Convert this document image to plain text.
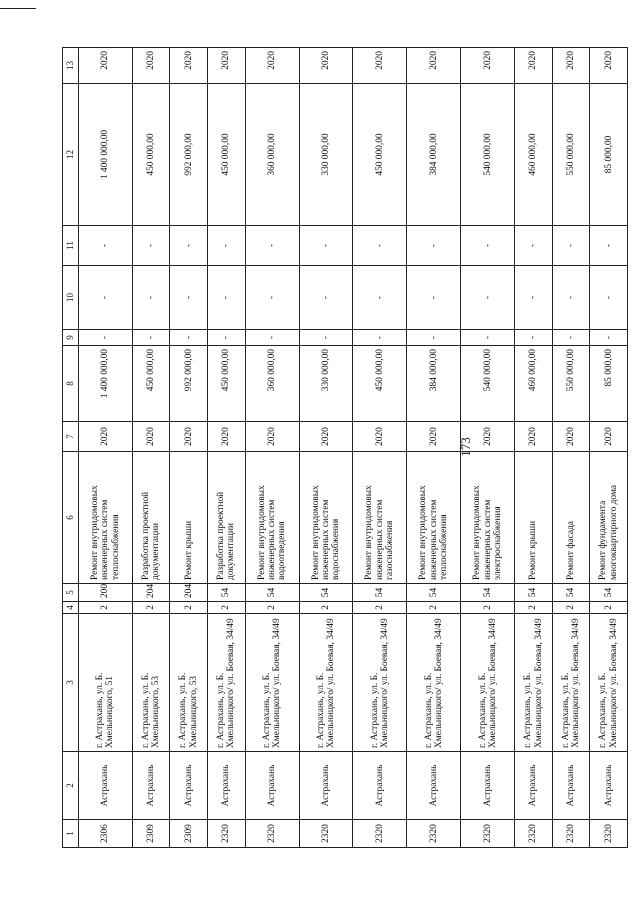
173
1	2	3	4	5	6	7	8	9	10	11	12	13
2306	Астрахань	г. Астрахань, ул. Б. Хмельницкого, 51	2	200	Ремонт внутридомовых инженерных систем теплоснабжения	2020	1 400 000,00	-	-	-	1 400 000,00	2020
2309	Астрахань	г. Астрахань, ул. Б. Хмельницкого, 53	2	204	Разработка проектной документации	2020	450 000,00	-	-	-	450 000,00	2020
2309	Астрахань	г. Астрахань, ул. Б. Хмельницкого, 53	2	204	Ремонт крыши	2020	992 000,00	-	-	-	992 000,00	2020
2320	Астрахань	г. Астрахань, ул. Б. Хмельницкого/ ул. Боевая, 34/49	2	54	Разработка проектной документации	2020	450 000,00	-	-	-	450 000,00	2020
2320	Астрахань	г. Астрахань, ул. Б. Хмельницкого/ ул. Боевая, 34/49	2	54	Ремонт внутридомовых инженерных систем водоотведения	2020	360 000,00	-	-	-	360 000,00	2020
2320	Астрахань	г. Астрахань, ул. Б. Хмельницкого/ ул. Боевая, 34/49	2	54	Ремонт внутридомовых инженерных систем водоснабжения	2020	330 000,00	-	-	-	330 000,00	2020
2320	Астрахань	г. Астрахань, ул. Б. Хмельницкого/ ул. Боевая, 34/49	2	54	Ремонт внутридомовых инженерных систем газоснабжения	2020	450 000,00	-	-	-	450 000,00	2020
2320	Астрахань	г. Астрахань, ул. Б. Хмельницкого/ ул. Боевая, 34/49	2	54	Ремонт внутридомовых инженерных систем теплоснабжения	2020	384 000,00	-	-	-	384 000,00	2020
2320	Астрахань	г. Астрахань, ул. Б. Хмельницкого/ ул. Боевая, 34/49	2	54	Ремонт внутридомовых инженерных систем электроснабжения	2020	540 000,00	-	-	-	540 000,00	2020
2320	Астрахань	г. Астрахань, ул. Б. Хмельницкого/ ул. Боевая, 34/49	2	54	Ремонт крыши	2020	460 000,00	-	-	-	460 000,00	2020
2320	Астрахань	г. Астрахань, ул. Б. Хмельницкого/ ул. Боевая, 34/49	2	54	Ремонт фасада	2020	550 000,00	-	-	-	550 000,00	2020
2320	Астрахань	г. Астрахань, ул. Б. Хмельницкого/ ул. Боевая, 34/49	2	54	Ремонт фундамента многоквартирного дома	2020	85 000,00	-	-	-	85 000,00	2020
